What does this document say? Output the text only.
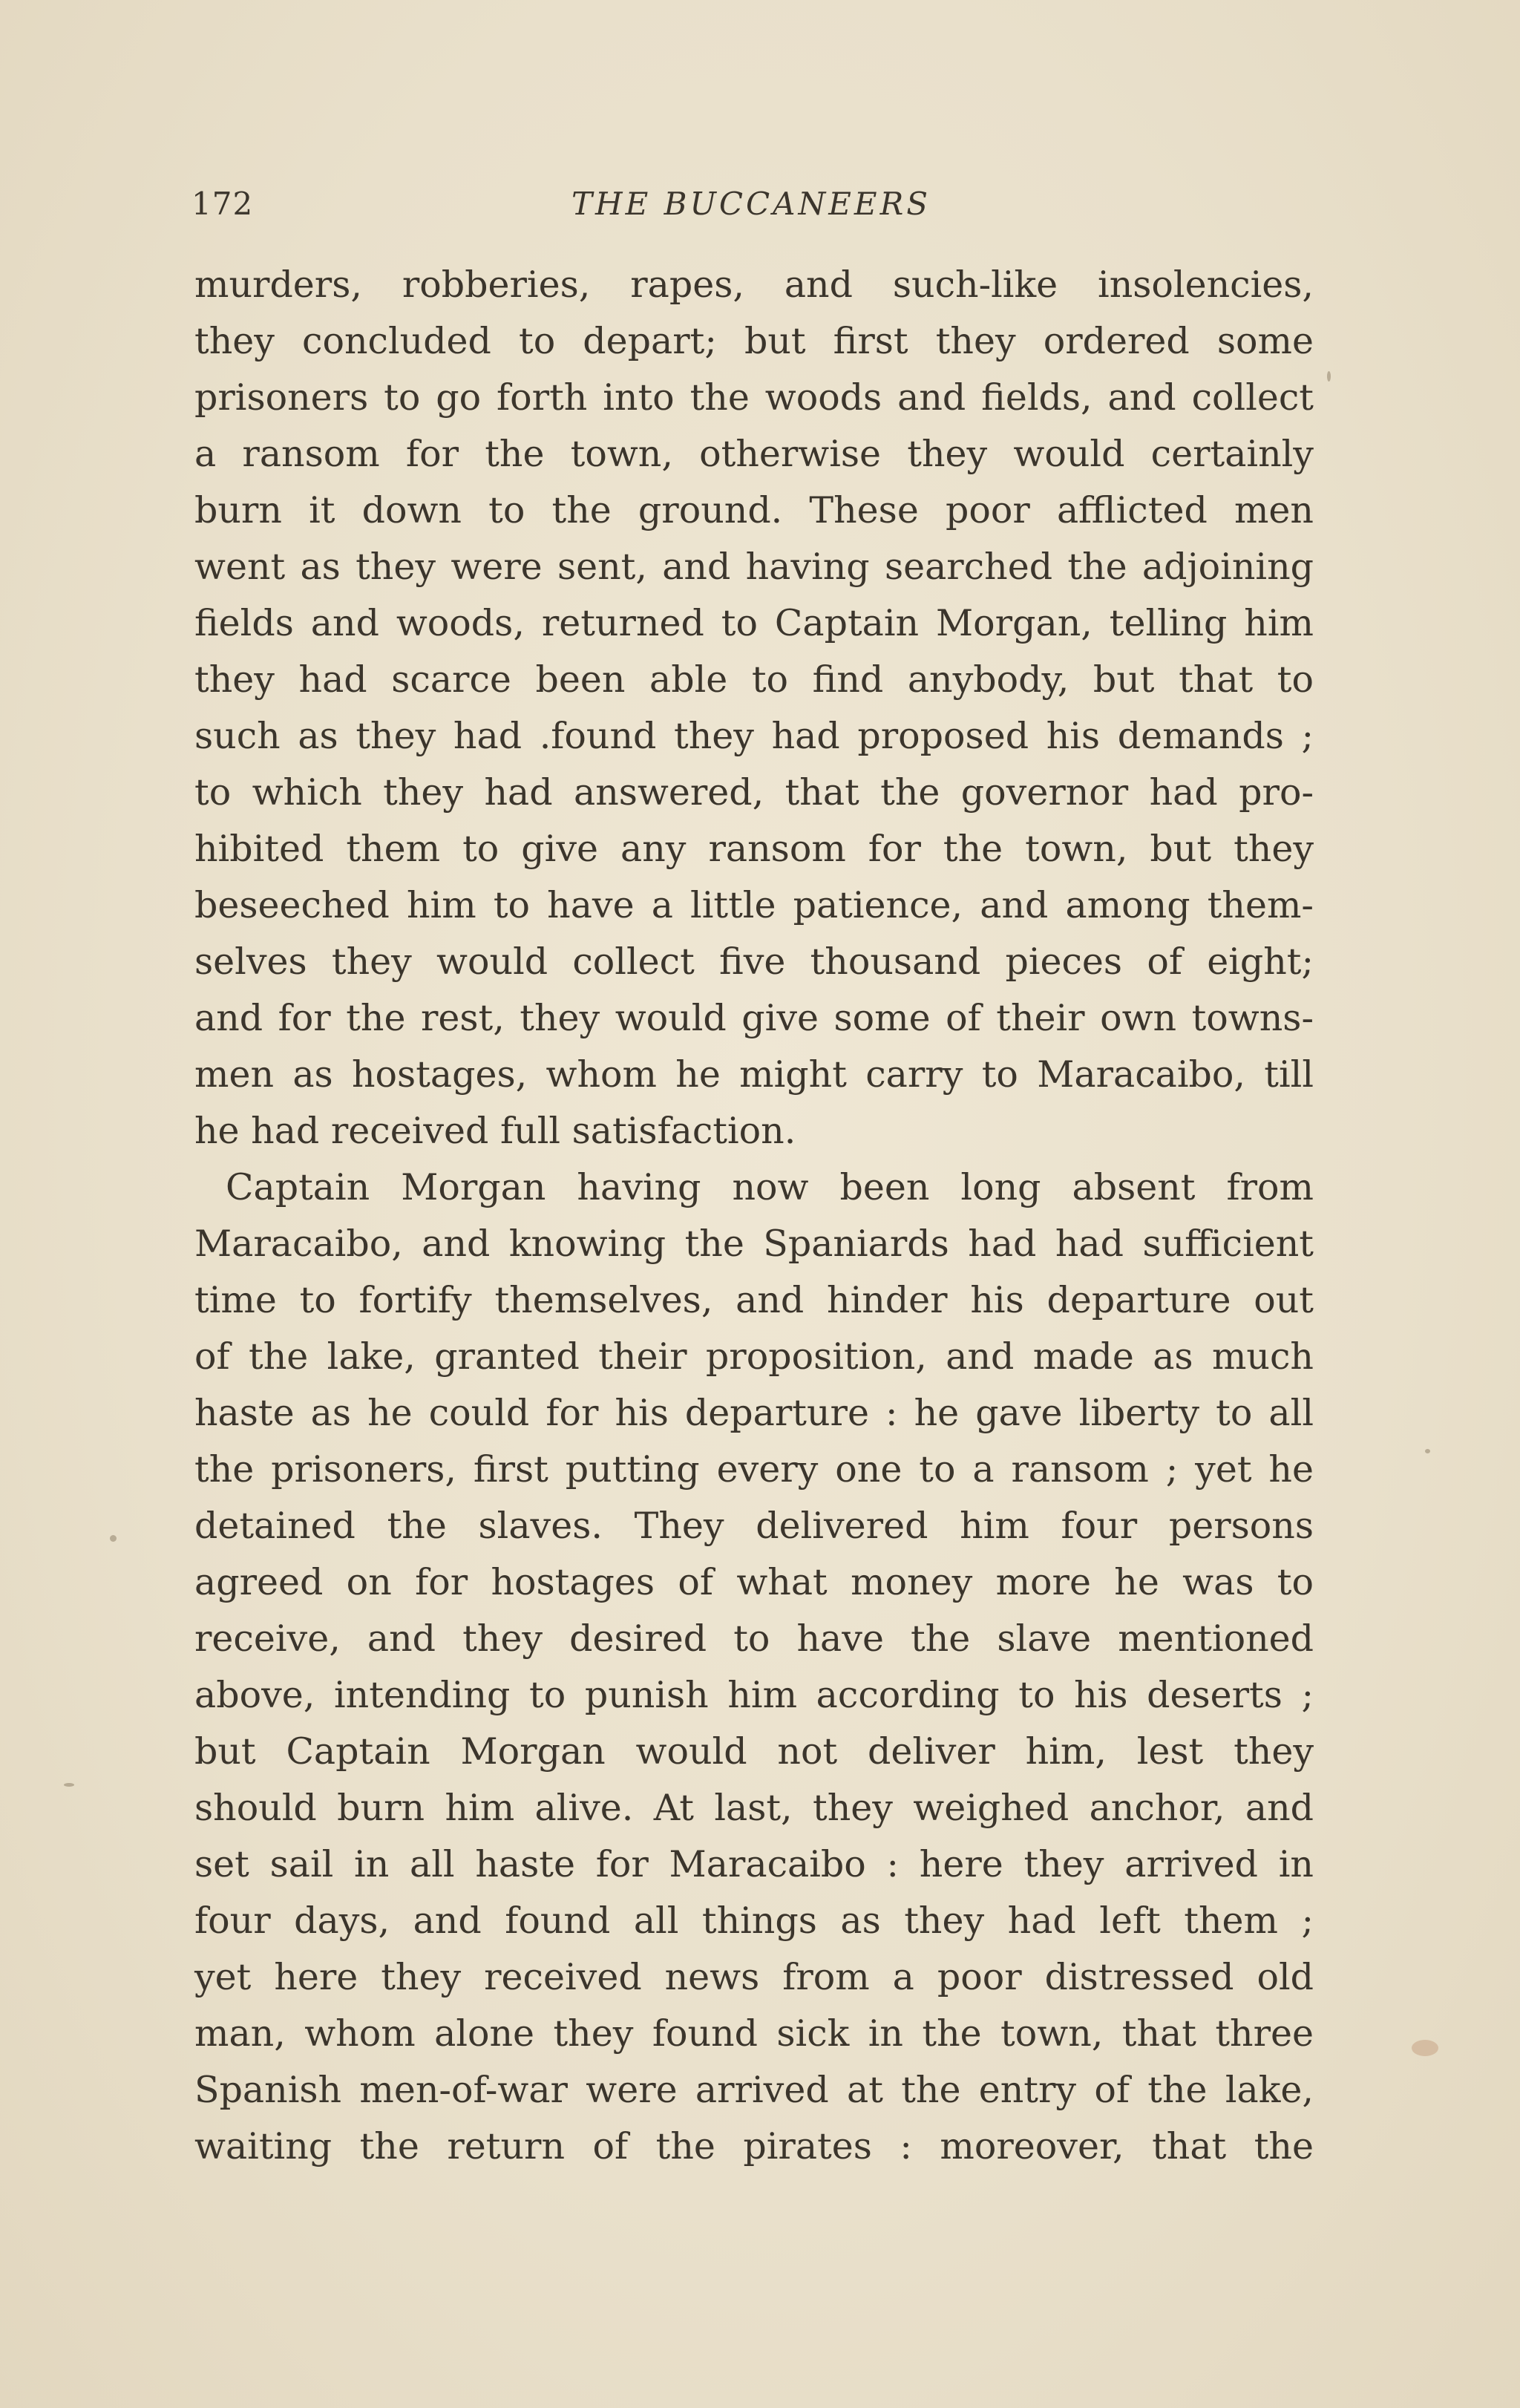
172	THE BUCCANEERS
murders, robberies, rapes, and such-like insolencies,
they concluded to depart; but first they ordered some
prisoners to go forth into the woods and fields, and collect
a ransom for the town, otherwise they would certainly
burn it down to the ground. These poor afflicted men
went as they were sent, and having searched the adjoining
fields and woods, returned to Captain Morgan, telling him
they had scarce been able to find anybody, but that to
such as they had .found they had proposed his demands ;
to which they had answered, that the governor had pro-
hibited them to give any ransom for the town, but they
beseeched him to have a little patience, and among them-
selves they would collect five thousand pieces of eight;
and for the rest, they would give some of their own towns-
men as hostages, whom he might carry to Maracaibo, till
he had received full satisfaction.
Captain Morgan having now been long absent from
Maracaibo, and knowing the Spaniards had had sufficient
time to fortify themselves, and hinder his departure out
of the lake, granted their proposition, and made as much
haste as he could for his departure : he gave liberty to all
the prisoners, first putting every one to a ransom ; yet he
detained the slaves. They delivered him four persons
agreed on for hostages of what money more he was to
receive, and they desired to have the slave mentioned
above, intending to punish him according to his deserts ;
but Captain Morgan would not deliver him, lest they
should burn him alive. At last, they weighed anchor, and
set sail in all haste for Maracaibo : here they arrived in
four days, and found all things as they had left them ;
yet here they received news from a poor distressed old
man, whom alone they found sick in the town, that three
Spanish men-of-war were arrived at the entry of the lake,
waiting the return of the pirates : moreover, that the
